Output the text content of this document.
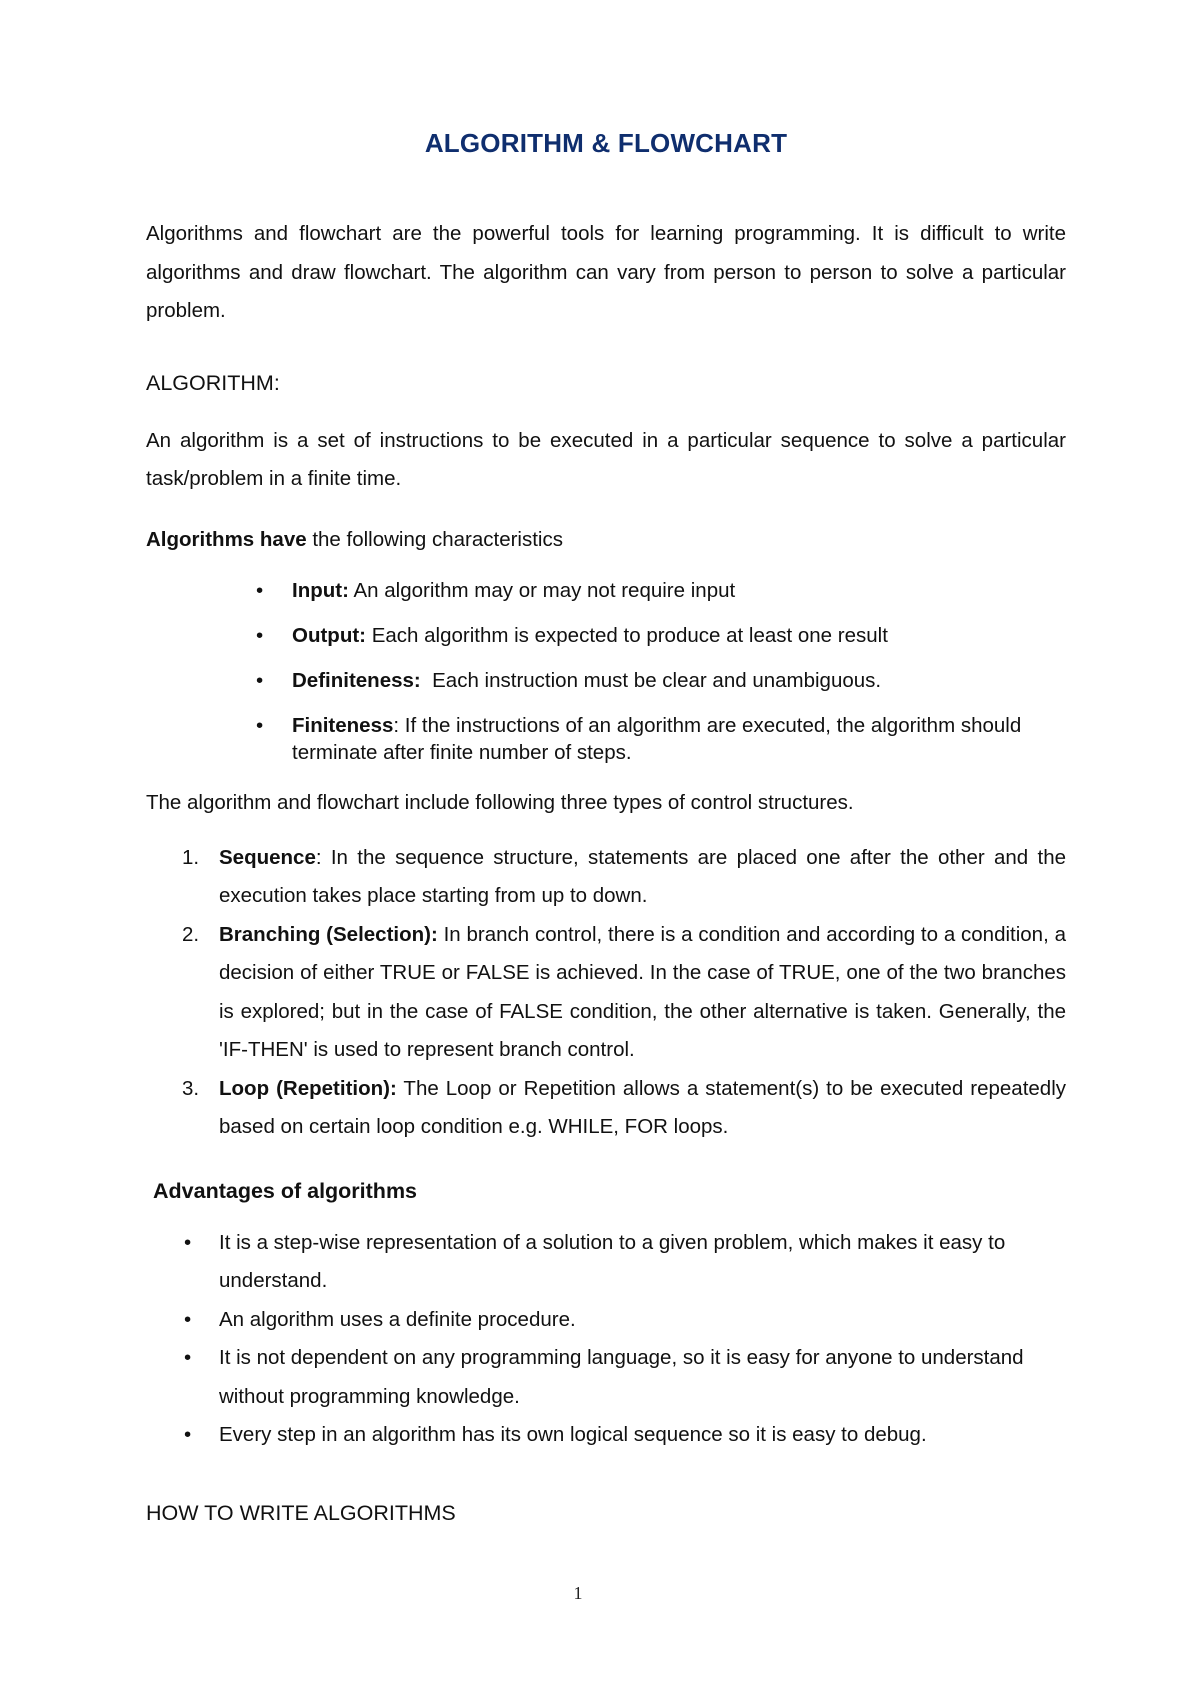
ALGORITHM & FLOWCHART

Algorithms and flowchart are the powerful tools for learning programming. It is difficult to write algorithms and draw flowchart. The algorithm can vary from person to person to solve a particular problem.

ALGORITHM:

An algorithm is a set of instructions to be executed in a particular sequence to solve a particular task/problem in a finite time.

Algorithms have the following characteristics

• Input: An algorithm may or may not require input
• Output: Each algorithm is expected to produce at least one result
• Definiteness:  Each instruction must be clear and unambiguous.
• Finiteness: If the instructions of an algorithm are executed, the algorithm should terminate after finite number of steps.

The algorithm and flowchart include following three types of control structures.

1. Sequence: In the sequence structure, statements are placed one after the other and the execution takes place starting from up to down.
2. Branching (Selection): In branch control, there is a condition and according to a condition, a decision of either TRUE or FALSE is achieved. In the case of TRUE, one of the two branches is explored; but in the case of FALSE condition, the other alternative is taken. Generally, the 'IF-THEN' is used to represent branch control.
3. Loop (Repetition): The Loop or Repetition allows a statement(s) to be executed repeatedly based on certain loop condition e.g. WHILE, FOR loops.

Advantages of algorithms

• It is a step-wise representation of a solution to a given problem, which makes it easy to understand.
• An algorithm uses a definite procedure.
• It is not dependent on any programming language, so it is easy for anyone to understand without programming knowledge.
• Every step in an algorithm has its own logical sequence so it is easy to debug.

HOW TO WRITE ALGORITHMS

1
